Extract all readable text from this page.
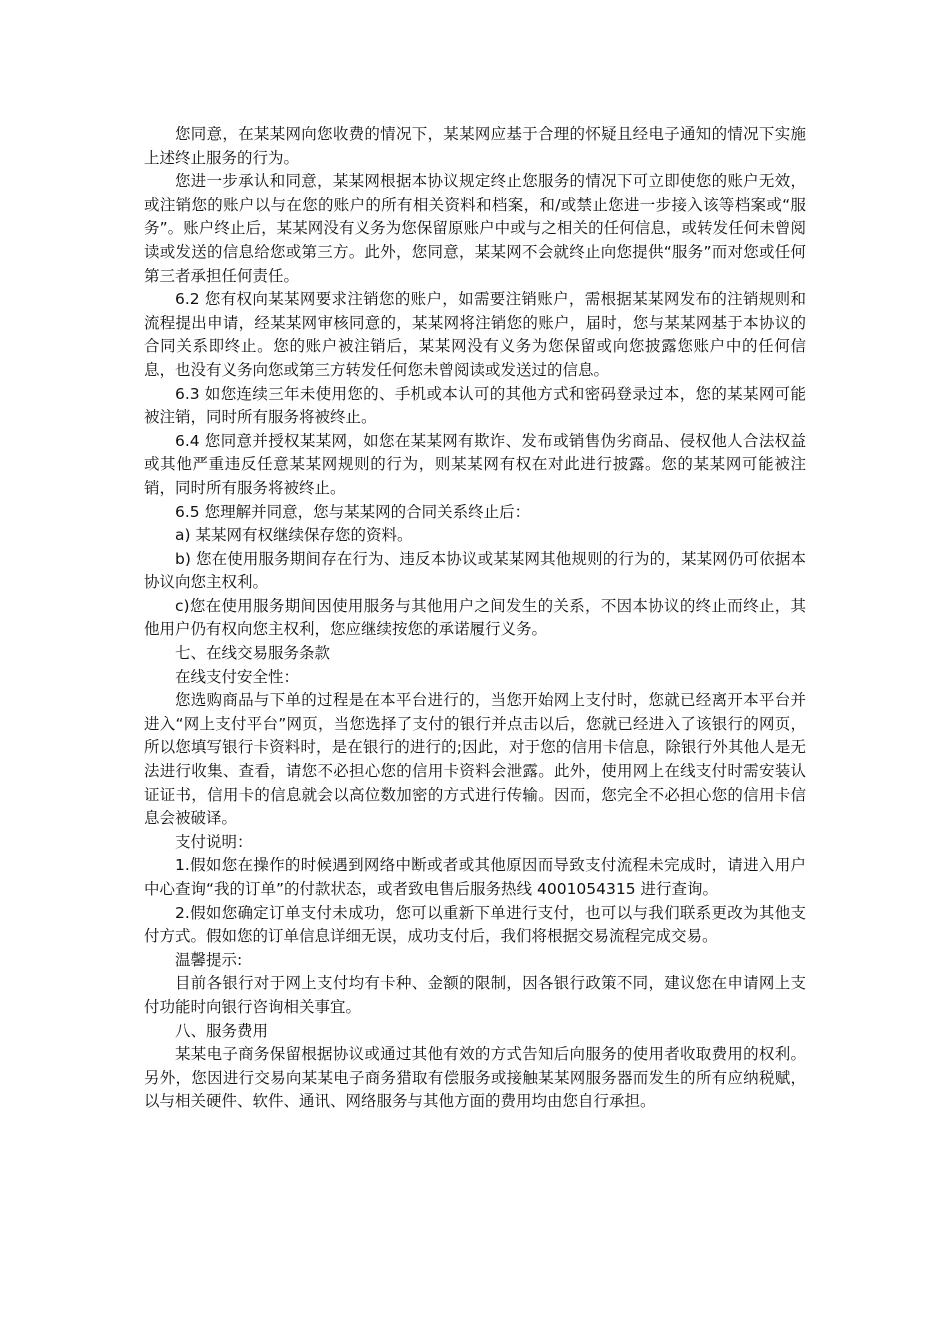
您同意，在某某网向您收费的情况下，某某网应基于合理的怀疑且经电子通知的情况下实施上述终止服务的行为。

您进一步承认和同意，某某网根据本协议规定终止您服务的情况下可立即使您的账户无效，或注销您的账户以与在您的账户的所有相关资料和档案，和/或禁止您进一步接入该等档案或“服务”。账户终止后，某某网没有义务为您保留原账户中或与之相关的任何信息，或转发任何未曾阅读或发送的信息给您或第三方。此外，您同意，某某网不会就终止向您提供“服务”而对您或任何第三者承担任何责任。

6.2 您有权向某某网要求注销您的账户，如需要注销账户，需根据某某网发布的注销规则和流程提出申请，经某某网审核同意的，某某网将注销您的账户，届时，您与某某网基于本协议的合同关系即终止。您的账户被注销后，某某网没有义务为您保留或向您披露您账户中的任何信息，也没有义务向您或第三方转发任何您未曾阅读或发送过的信息。

6.3 如您连续三年未使用您的、手机或本认可的其他方式和密码登录过本，您的某某网可能被注销，同时所有服务将被终止。

6.4 您同意并授权某某网，如您在某某网有欺诈、发布或销售伪劣商品、侵权他人合法权益或其他严重违反任意某某网规则的行为，则某某网有权在对此进行披露。您的某某网可能被注销，同时所有服务将被终止。

6.5 您理解并同意，您与某某网的合同关系终止后：

a) 某某网有权继续保存您的资料。

b) 您在使用服务期间存在行为、违反本协议或某某网其他规则的行为的，某某网仍可依据本协议向您主权利。

c)您在使用服务期间因使用服务与其他用户之间发生的关系，不因本协议的终止而终止，其他用户仍有权向您主权利，您应继续按您的承诺履行义务。

七、在线交易服务条款

在线支付安全性：

您选购商品与下单的过程是在本平台进行的，当您开始网上支付时，您就已经离开本平台并进入“网上支付平台”网页，当您选择了支付的银行并点击以后，您就已经进入了该银行的网页，所以您填写银行卡资料时，是在银行的进行的;因此，对于您的信用卡信息，除银行外其他人是无法进行收集、查看，请您不必担心您的信用卡资料会泄露。此外，使用网上在线支付时需安装认证证书，信用卡的信息就会以高位数加密的方式进行传输。因而，您完全不必担心您的信用卡信息会被破译。

支付说明：

1.假如您在操作的时候遇到网络中断或者或其他原因而导致支付流程未完成时，请进入用户中心查询“我的订单”的付款状态，或者致电售后服务热线 4001054315 进行查询。

2.假如您确定订单支付未成功，您可以重新下单进行支付，也可以与我们联系更改为其他支付方式。假如您的订单信息详细无误，成功支付后，我们将根据交易流程完成交易。

温馨提示:

目前各银行对于网上支付均有卡种、金额的限制，因各银行政策不同，建议您在申请网上支付功能时向银行咨询相关事宜。

八、服务费用

某某电子商务保留根据协议或通过其他有效的方式告知后向服务的使用者收取费用的权利。另外，您因进行交易向某某电子商务猎取有偿服务或接触某某网服务器而发生的所有应纳税赋，以与相关硬件、软件、通讯、网络服务与其他方面的费用均由您自行承担。
